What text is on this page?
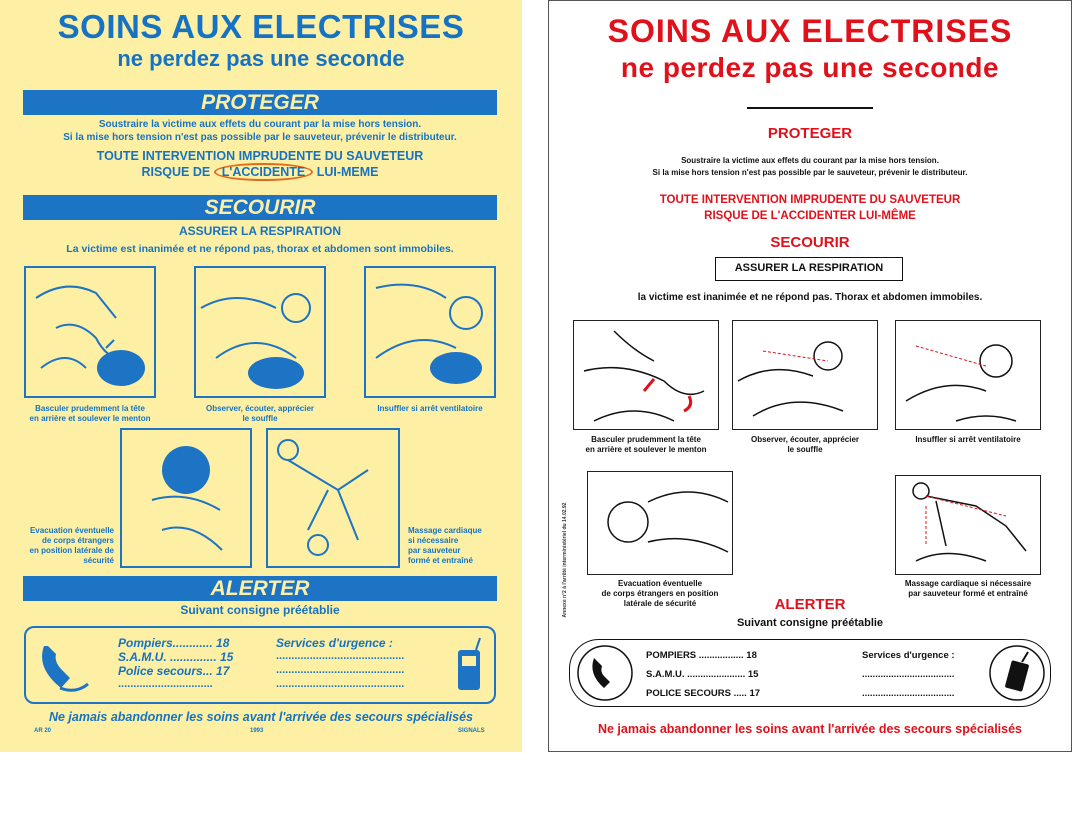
SOINS AUX ELECTRISES
ne perdez pas une seconde
PROTEGER
Soustraire la victime aux effets du courant par la mise hors tension.
Si la mise hors tension n'est pas possible par le sauveteur, prévenir le distributeur.
TOUTE INTERVENTION IMPRUDENTE DU SAUVETEUR
RISQUE DE L'ACCIDENTE LUI-MEME
SECOURIR
ASSURER LA RESPIRATION
La victime est inanimée et ne répond pas, thorax et abdomen sont immobiles.
Basculer prudemment la tête
en arrière et soulever le menton
Observer, écouter, apprécier
le souffle
Insuffler si arrêt ventilatoire
Evacuation éventuelle
de corps étrangers
en position latérale de
sécurité
Massage cardiaque
si nécessaire
par sauveteur
formé et entraîné
ALERTER
Suivant consigne préétablie
Pompiers............ 18
S.A.M.U. .............. 15
Police secours... 17
...............................
Services d'urgence :
..........................................
..........................................
..........................................
Ne jamais abandonner les soins avant l'arrivée des secours spécialisés
AR 20	1993	SIGNALS
SOINS AUX ELECTRISES
ne perdez pas une seconde
PROTEGER
Soustraire la victime aux effets du courant par la mise hors tension.
Si la mise hors tension n'est pas possible par le sauveteur, prévenir le distributeur.
TOUTE INTERVENTION IMPRUDENTE DU SAUVETEUR
RISQUE DE L'ACCIDENTER LUI-MÊME
SECOURIR
ASSURER LA RESPIRATION
la victime est inanimée et ne répond pas. Thorax et abdomen immobiles.
Basculer prudemment la tête
en arrière et soulever le menton
Observer, écouter, apprécier
le souffle
Insuffler si arrêt ventilatoire
Evacuation éventuelle
de corps étrangers en position
latérale de sécurité
Massage cardiaque si nécessaire
par sauveteur formé et entraîné
Annexe n°2 à l'arrêté interministériel du 14.02.92	ALERTER
Suivant consigne préétablie
POMPIERS ................. 18
S.A.M.U. ...................... 15
POLICE SECOURS ..... 17
Services d'urgence :
...................................
...................................
Ne jamais abandonner les soins avant l'arrivée des secours spécialisés
